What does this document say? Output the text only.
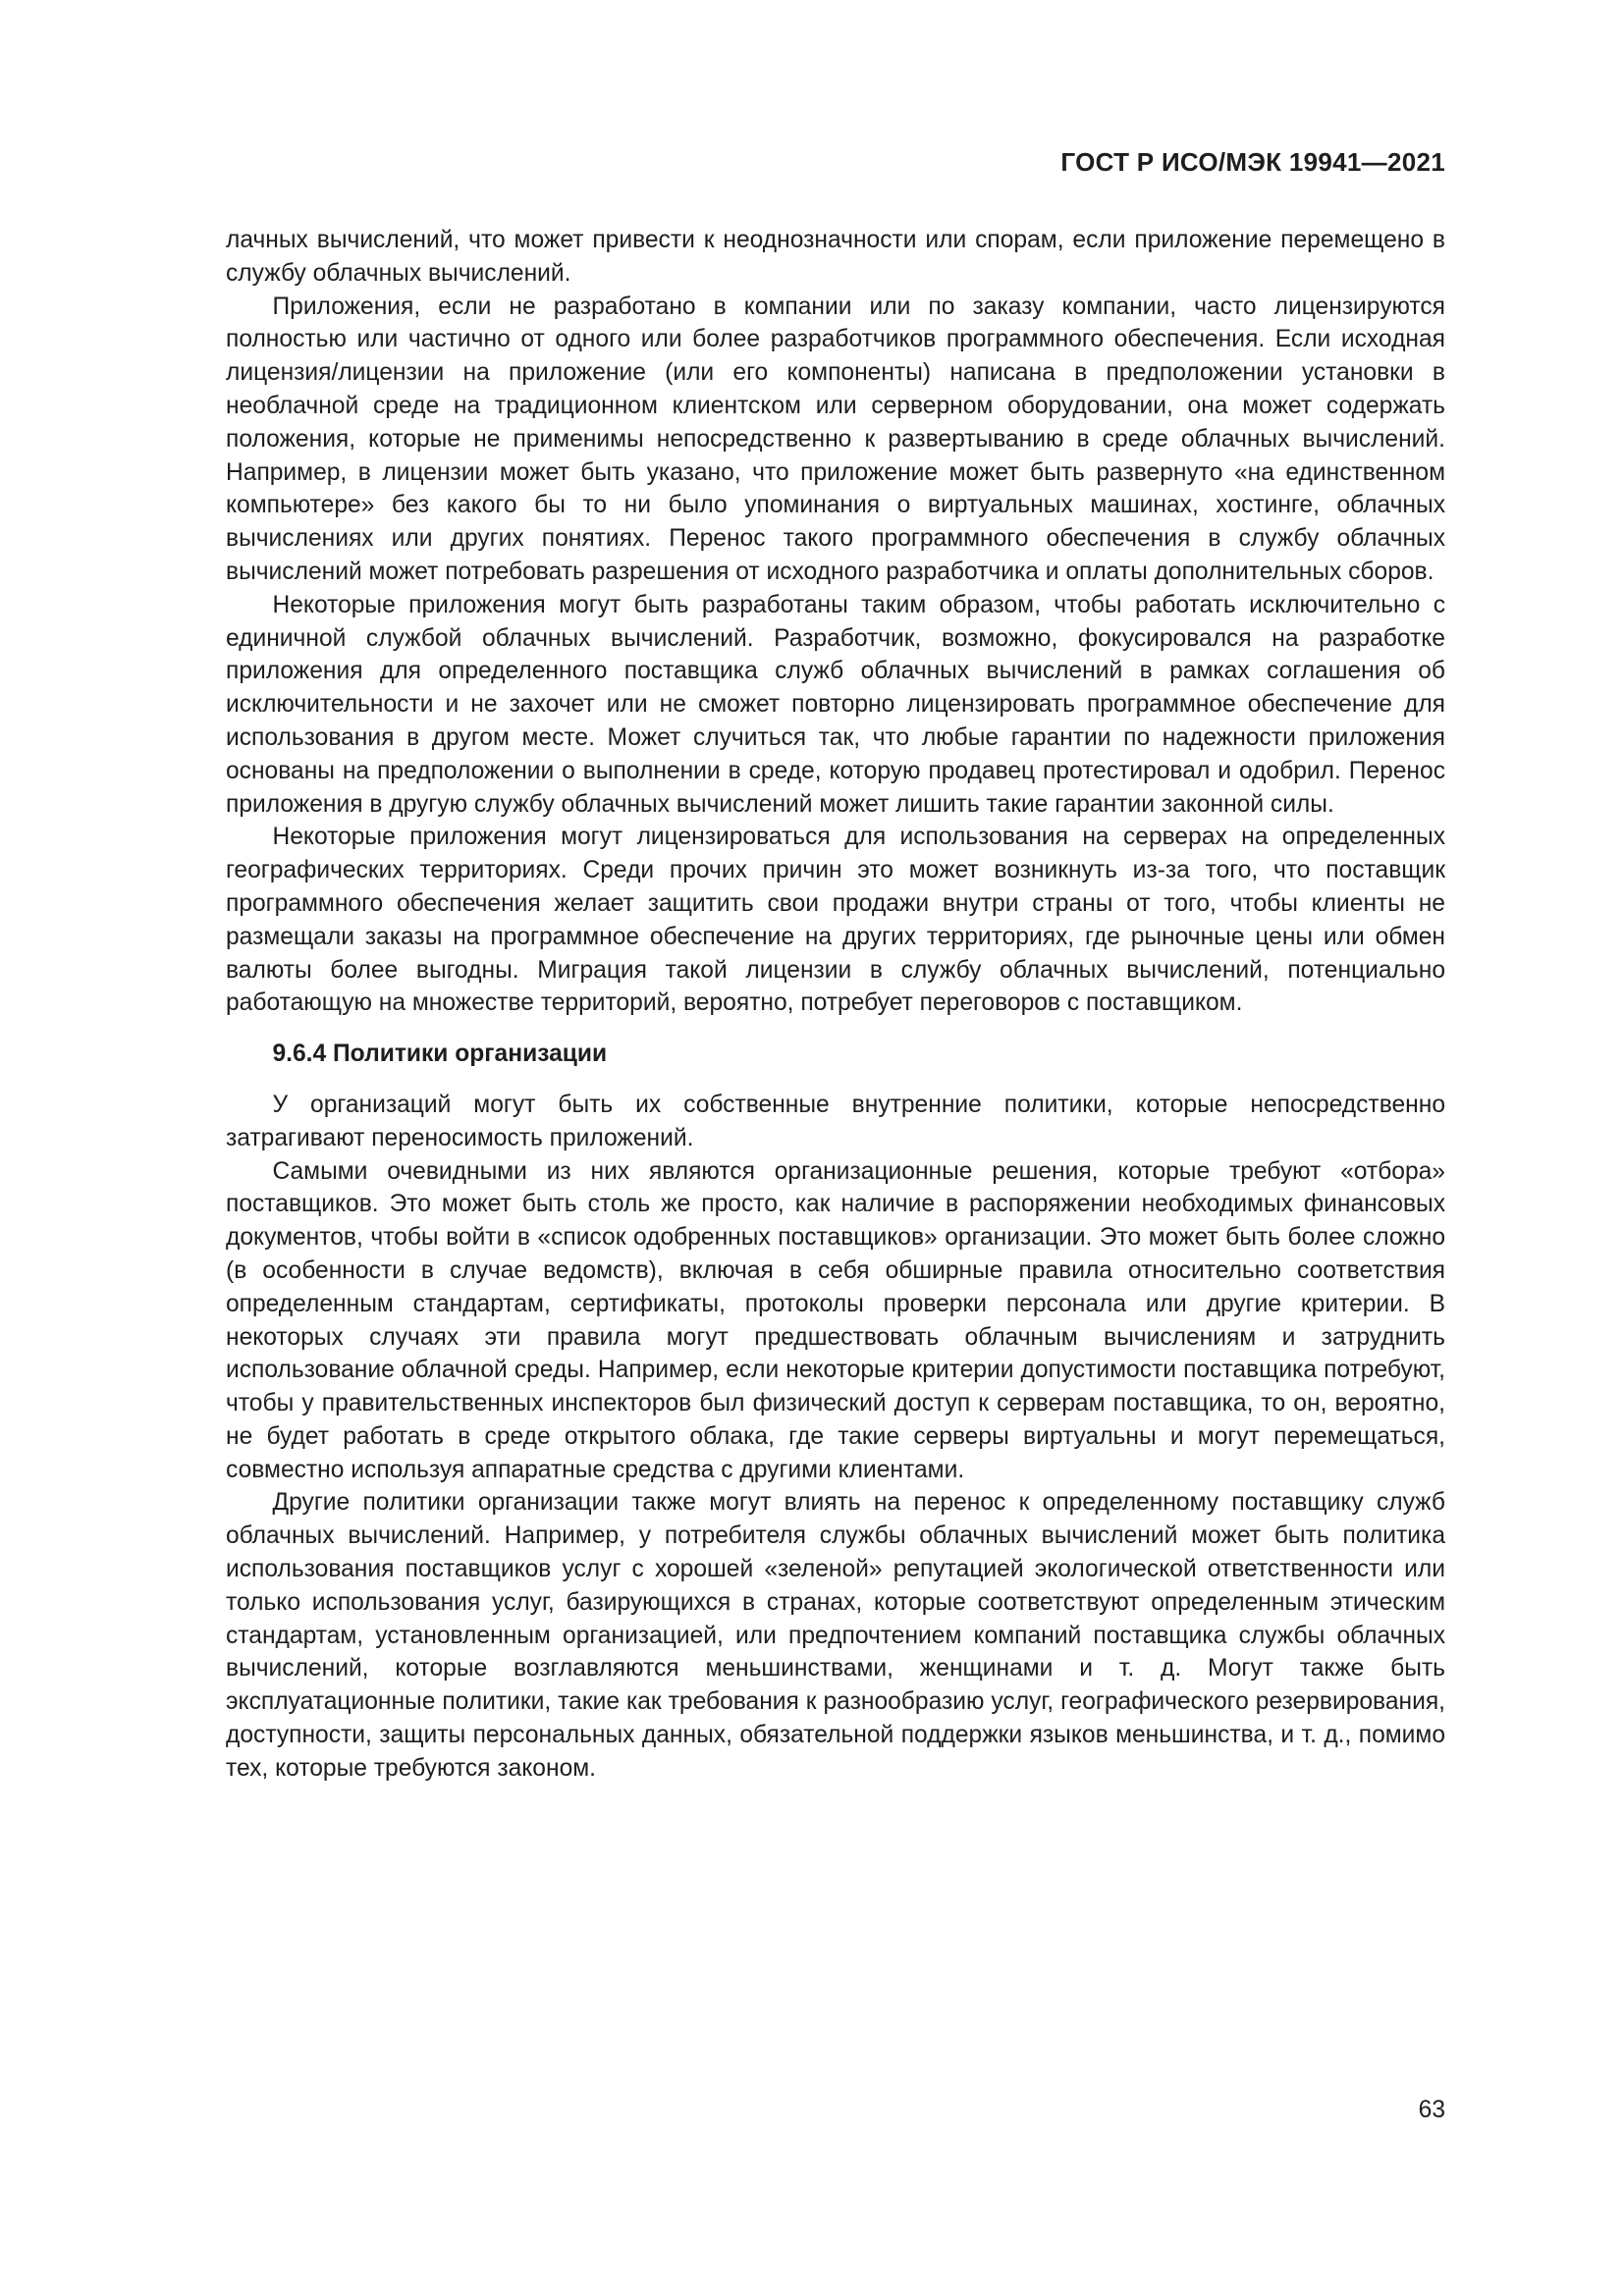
ГОСТ Р ИСО/МЭК 19941—2021

лачных вычислений, что может привести к неоднозначности или спорам, если приложение перемещено в службу облачных вычислений.

Приложения, если не разработано в компании или по заказу компании, часто лицензируются полностью или частично от одного или более разработчиков программного обеспечения. Если исходная лицензия/лицензии на приложение (или его компоненты) написана в предположении установки в необлачной среде на традиционном клиентском или серверном оборудовании, она может содержать положения, которые не применимы непосредственно к развертыванию в среде облачных вычислений. Например, в лицензии может быть указано, что приложение может быть развернуто «на единственном компьютере» без какого бы то ни было упоминания о виртуальных машинах, хостинге, облачных вычислениях или других понятиях. Перенос такого программного обеспечения в службу облачных вычислений может потребовать разрешения от исходного разработчика и оплаты дополнительных сборов.

Некоторые приложения могут быть разработаны таким образом, чтобы работать исключительно с единичной службой облачных вычислений. Разработчик, возможно, фокусировался на разработке приложения для определенного поставщика служб облачных вычислений в рамках соглашения об исключительности и не захочет или не сможет повторно лицензировать программное обеспечение для использования в другом месте. Может случиться так, что любые гарантии по надежности приложения основаны на предположении о выполнении в среде, которую продавец протестировал и одобрил. Перенос приложения в другую службу облачных вычислений может лишить такие гарантии законной силы.

Некоторые приложения могут лицензироваться для использования на серверах на определенных географических территориях. Среди прочих причин это может возникнуть из-за того, что поставщик программного обеспечения желает защитить свои продажи внутри страны от того, чтобы клиенты не размещали заказы на программное обеспечение на других территориях, где рыночные цены или обмен валюты более выгодны. Миграция такой лицензии в службу облачных вычислений, потенциально работающую на множестве территорий, вероятно, потребует переговоров с поставщиком.

9.6.4 Политики организации

У организаций могут быть их собственные внутренние политики, которые непосредственно затрагивают переносимость приложений.

Самыми очевидными из них являются организационные решения, которые требуют «отбора» поставщиков. Это может быть столь же просто, как наличие в распоряжении необходимых финансовых документов, чтобы войти в «список одобренных поставщиков» организации. Это может быть более сложно (в особенности в случае ведомств), включая в себя обширные правила относительно соответствия определенным стандартам, сертификаты, протоколы проверки персонала или другие критерии. В некоторых случаях эти правила могут предшествовать облачным вычислениям и затруднить использование облачной среды. Например, если некоторые критерии допустимости поставщика потребуют, чтобы у правительственных инспекторов был физический доступ к серверам поставщика, то он, вероятно, не будет работать в среде открытого облака, где такие серверы виртуальны и могут перемещаться, совместно используя аппаратные средства с другими клиентами.

Другие политики организации также могут влиять на перенос к определенному поставщику служб облачных вычислений. Например, у потребителя службы облачных вычислений может быть политика использования поставщиков услуг с хорошей «зеленой» репутацией экологической ответственности или только использования услуг, базирующихся в странах, которые соответствуют определенным этическим стандартам, установленным организацией, или предпочтением компаний поставщика службы облачных вычислений, которые возглавляются меньшинствами, женщинами и т. д. Могут также быть эксплуатационные политики, такие как требования к разнообразию услуг, географического резервирования, доступности, защиты персональных данных, обязательной поддержки языков меньшинства, и т. д., помимо тех, которые требуются законом.

63
